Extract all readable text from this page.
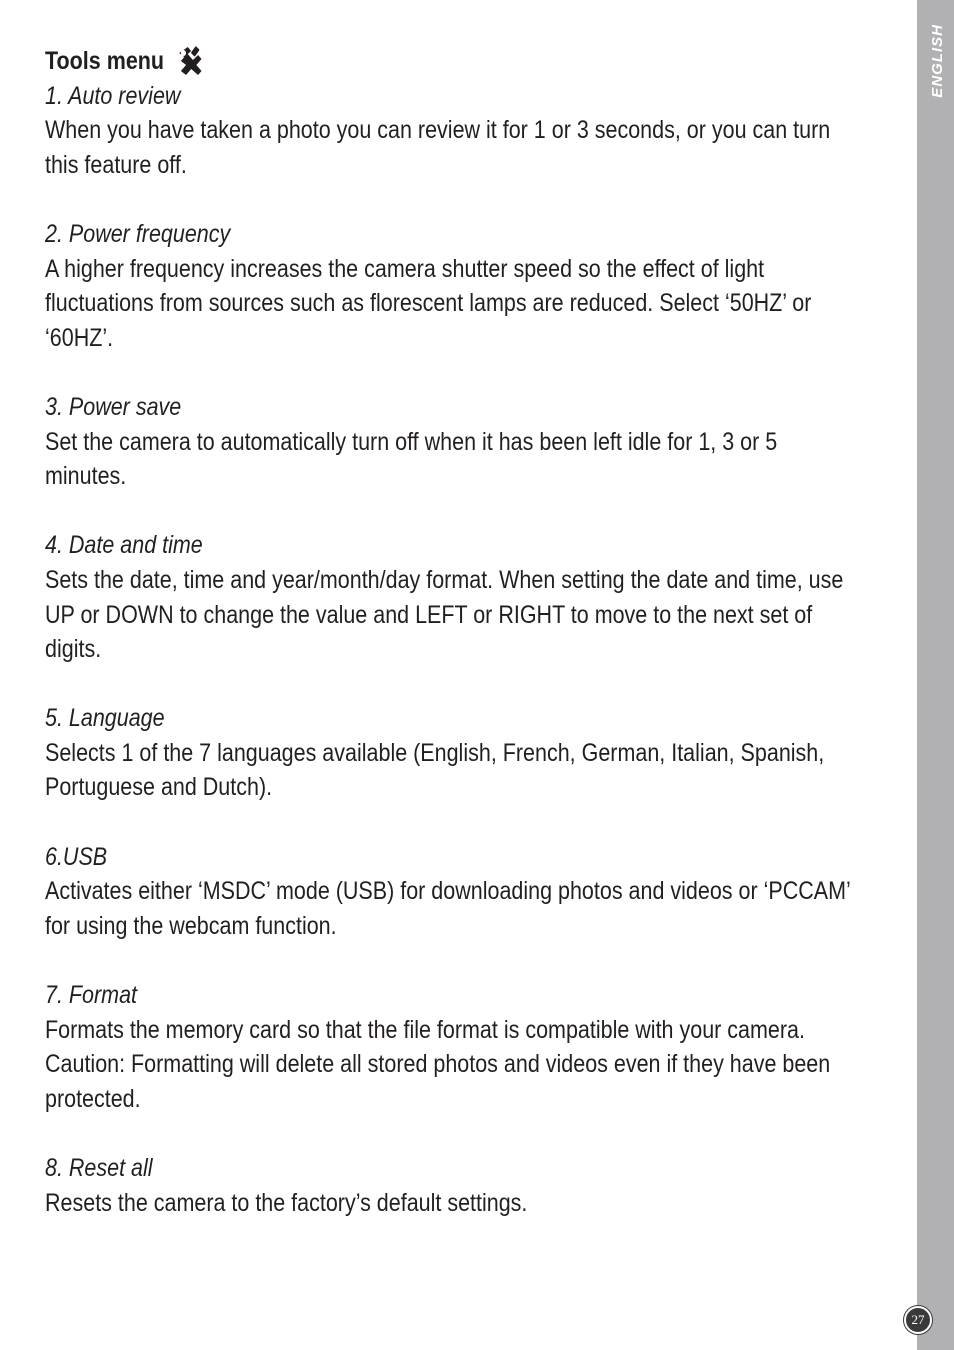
Tools menu
1. Auto review
When you have taken a photo you can review it for 1 or 3 seconds, or you can turn
this feature off.
2. Power frequency
A higher frequency increases the camera shutter speed so the effect of light
fluctuations from sources such as florescent lamps are reduced. Select ‘50HZ’ or
‘60HZ’.
3. Power save
Set the camera to automatically turn off when it has been left idle for 1, 3 or 5
minutes.
4. Date and time
Sets the date, time and year/month/day format. When setting the date and time, use
UP or DOWN to change the value and LEFT or RIGHT to move to the next set of
digits.
5. Language
Selects 1 of the 7 languages available (English, French, German, Italian, Spanish,
Portuguese and Dutch).
6.USB
Activates either ‘MSDC’ mode (USB) for downloading photos and videos or ‘PCCAM’
for using the webcam function.
7. Format
Formats the memory card so that the file format is compatible with your camera.
Caution: Formatting will delete all stored photos and videos even if they have been
protected.
8. Reset all
Resets the camera to the factory’s default settings.
ENGLISH
27
